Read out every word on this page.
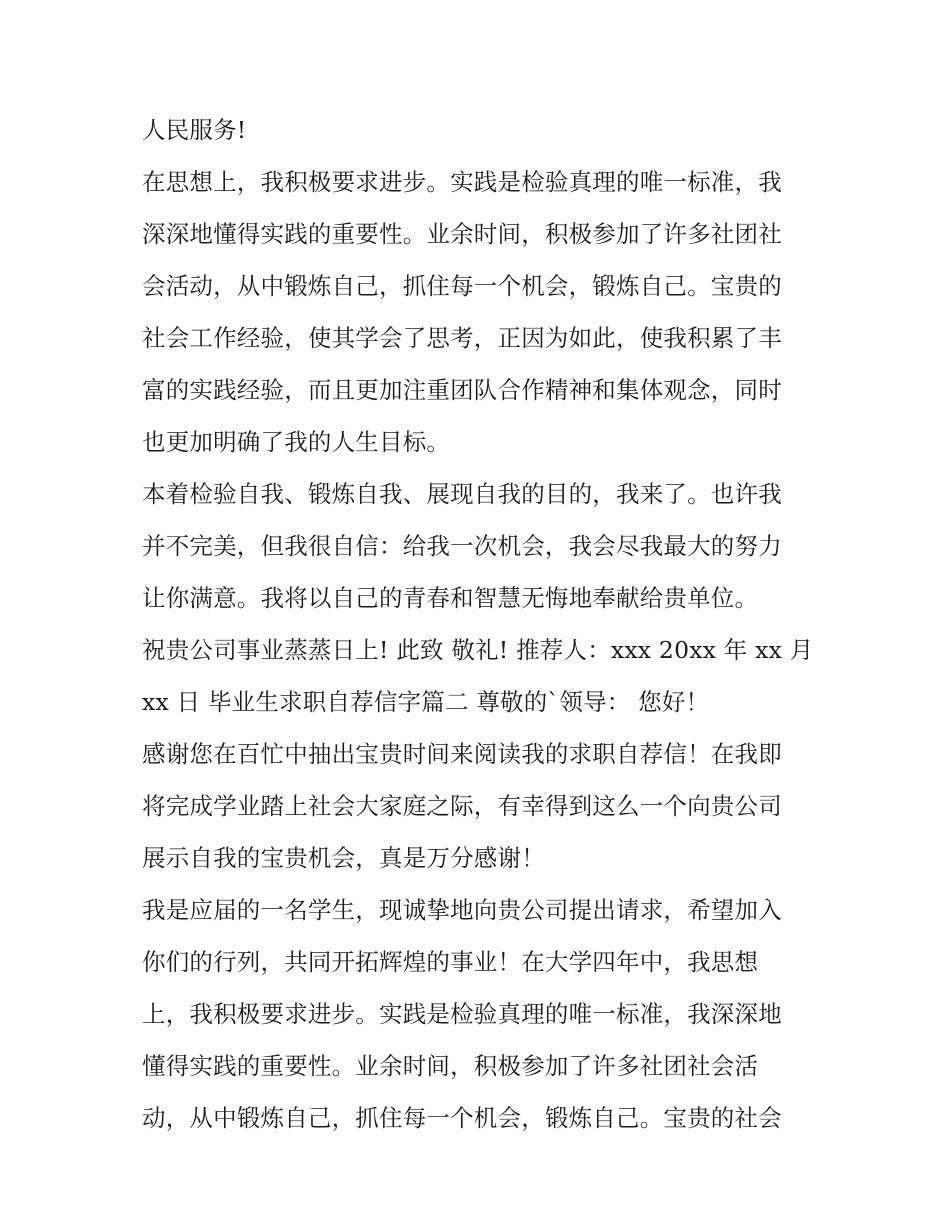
人民服务!
在思想上，我积极要求进步。实践是检验真理的唯一标准，我
深深地懂得实践的重要性。业余时间，积极参加了许多社团社
会活动，从中锻炼自己，抓住每一个机会，锻炼自己。宝贵的
社会工作经验，使其学会了思考，正因为如此，使我积累了丰
富的实践经验，而且更加注重团队合作精神和集体观念，同时
也更加明确了我的人生目标。
本着检验自我、锻炼自我、展现自我的目的，我来了。也许我
并不完美，但我很自信：给我一次机会，我会尽我最大的努力
让你满意。我将以自己的青春和智慧无悔地奉献给贵单位。
祝贵公司事业蒸蒸日上! 此致 敬礼! 推荐人：xxx 20xx 年 xx 月
xx 日 毕业生求职自荐信字篇二 尊敬的`领导： 您好！
感谢您在百忙中抽出宝贵时间来阅读我的求职自荐信！在我即
将完成学业踏上社会大家庭之际，有幸得到这么一个向贵公司
展示自我的宝贵机会，真是万分感谢！
我是应届的一名学生，现诚挚地向贵公司提出请求，希望加入
你们的行列，共同开拓辉煌的事业！在大学四年中，我思想
上，我积极要求进步。实践是检验真理的唯一标准，我深深地
懂得实践的重要性。业余时间，积极参加了许多社团社会活
动，从中锻炼自己，抓住每一个机会，锻炼自己。宝贵的社会
